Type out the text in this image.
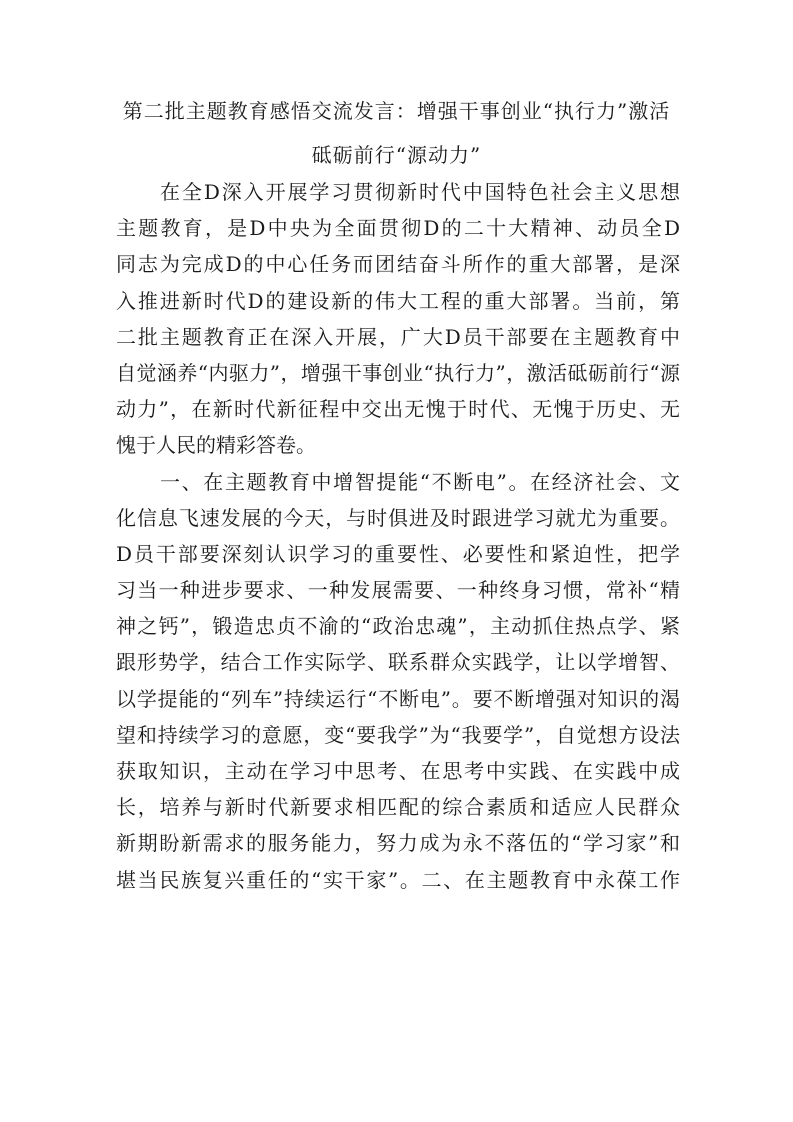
第二批主题教育感悟交流发言：增强干事创业“执行力”激活
砥砺前行“源动力”
在全D深入开展学习贯彻新时代中国特色社会主义思想
主题教育，是D中央为全面贯彻D的二十大精神、动员全D
同志为完成D的中心任务而团结奋斗所作的重大部署，是深
入推进新时代D的建设新的伟大工程的重大部署。当前，第
二批主题教育正在深入开展，广大D员干部要在主题教育中
自觉涵养“内驱力”，增强干事创业“执行力”，激活砥砺前行“源
动力”，在新时代新征程中交出无愧于时代、无愧于历史、无
愧于人民的精彩答卷。
一、在主题教育中增智提能“不断电”。在经济社会、文
化信息飞速发展的今天，与时俱进及时跟进学习就尤为重要。
D员干部要深刻认识学习的重要性、必要性和紧迫性，把学
习当一种进步要求、一种发展需要、一种终身习惯，常补“精
神之钙”，锻造忠贞不渝的“政治忠魂”，主动抓住热点学、紧
跟形势学，结合工作实际学、联系群众实践学，让以学增智、
以学提能的“列车”持续运行“不断电”。要不断增强对知识的渴
望和持续学习的意愿，变“要我学”为“我要学”，自觉想方设法
获取知识，主动在学习中思考、在思考中实践、在实践中成
长，培养与新时代新要求相匹配的综合素质和适应人民群众
新期盼新需求的服务能力，努力成为永不落伍的“学习家”和
堪当民族复兴重任的“实干家”。二、在主题教育中永葆工作
